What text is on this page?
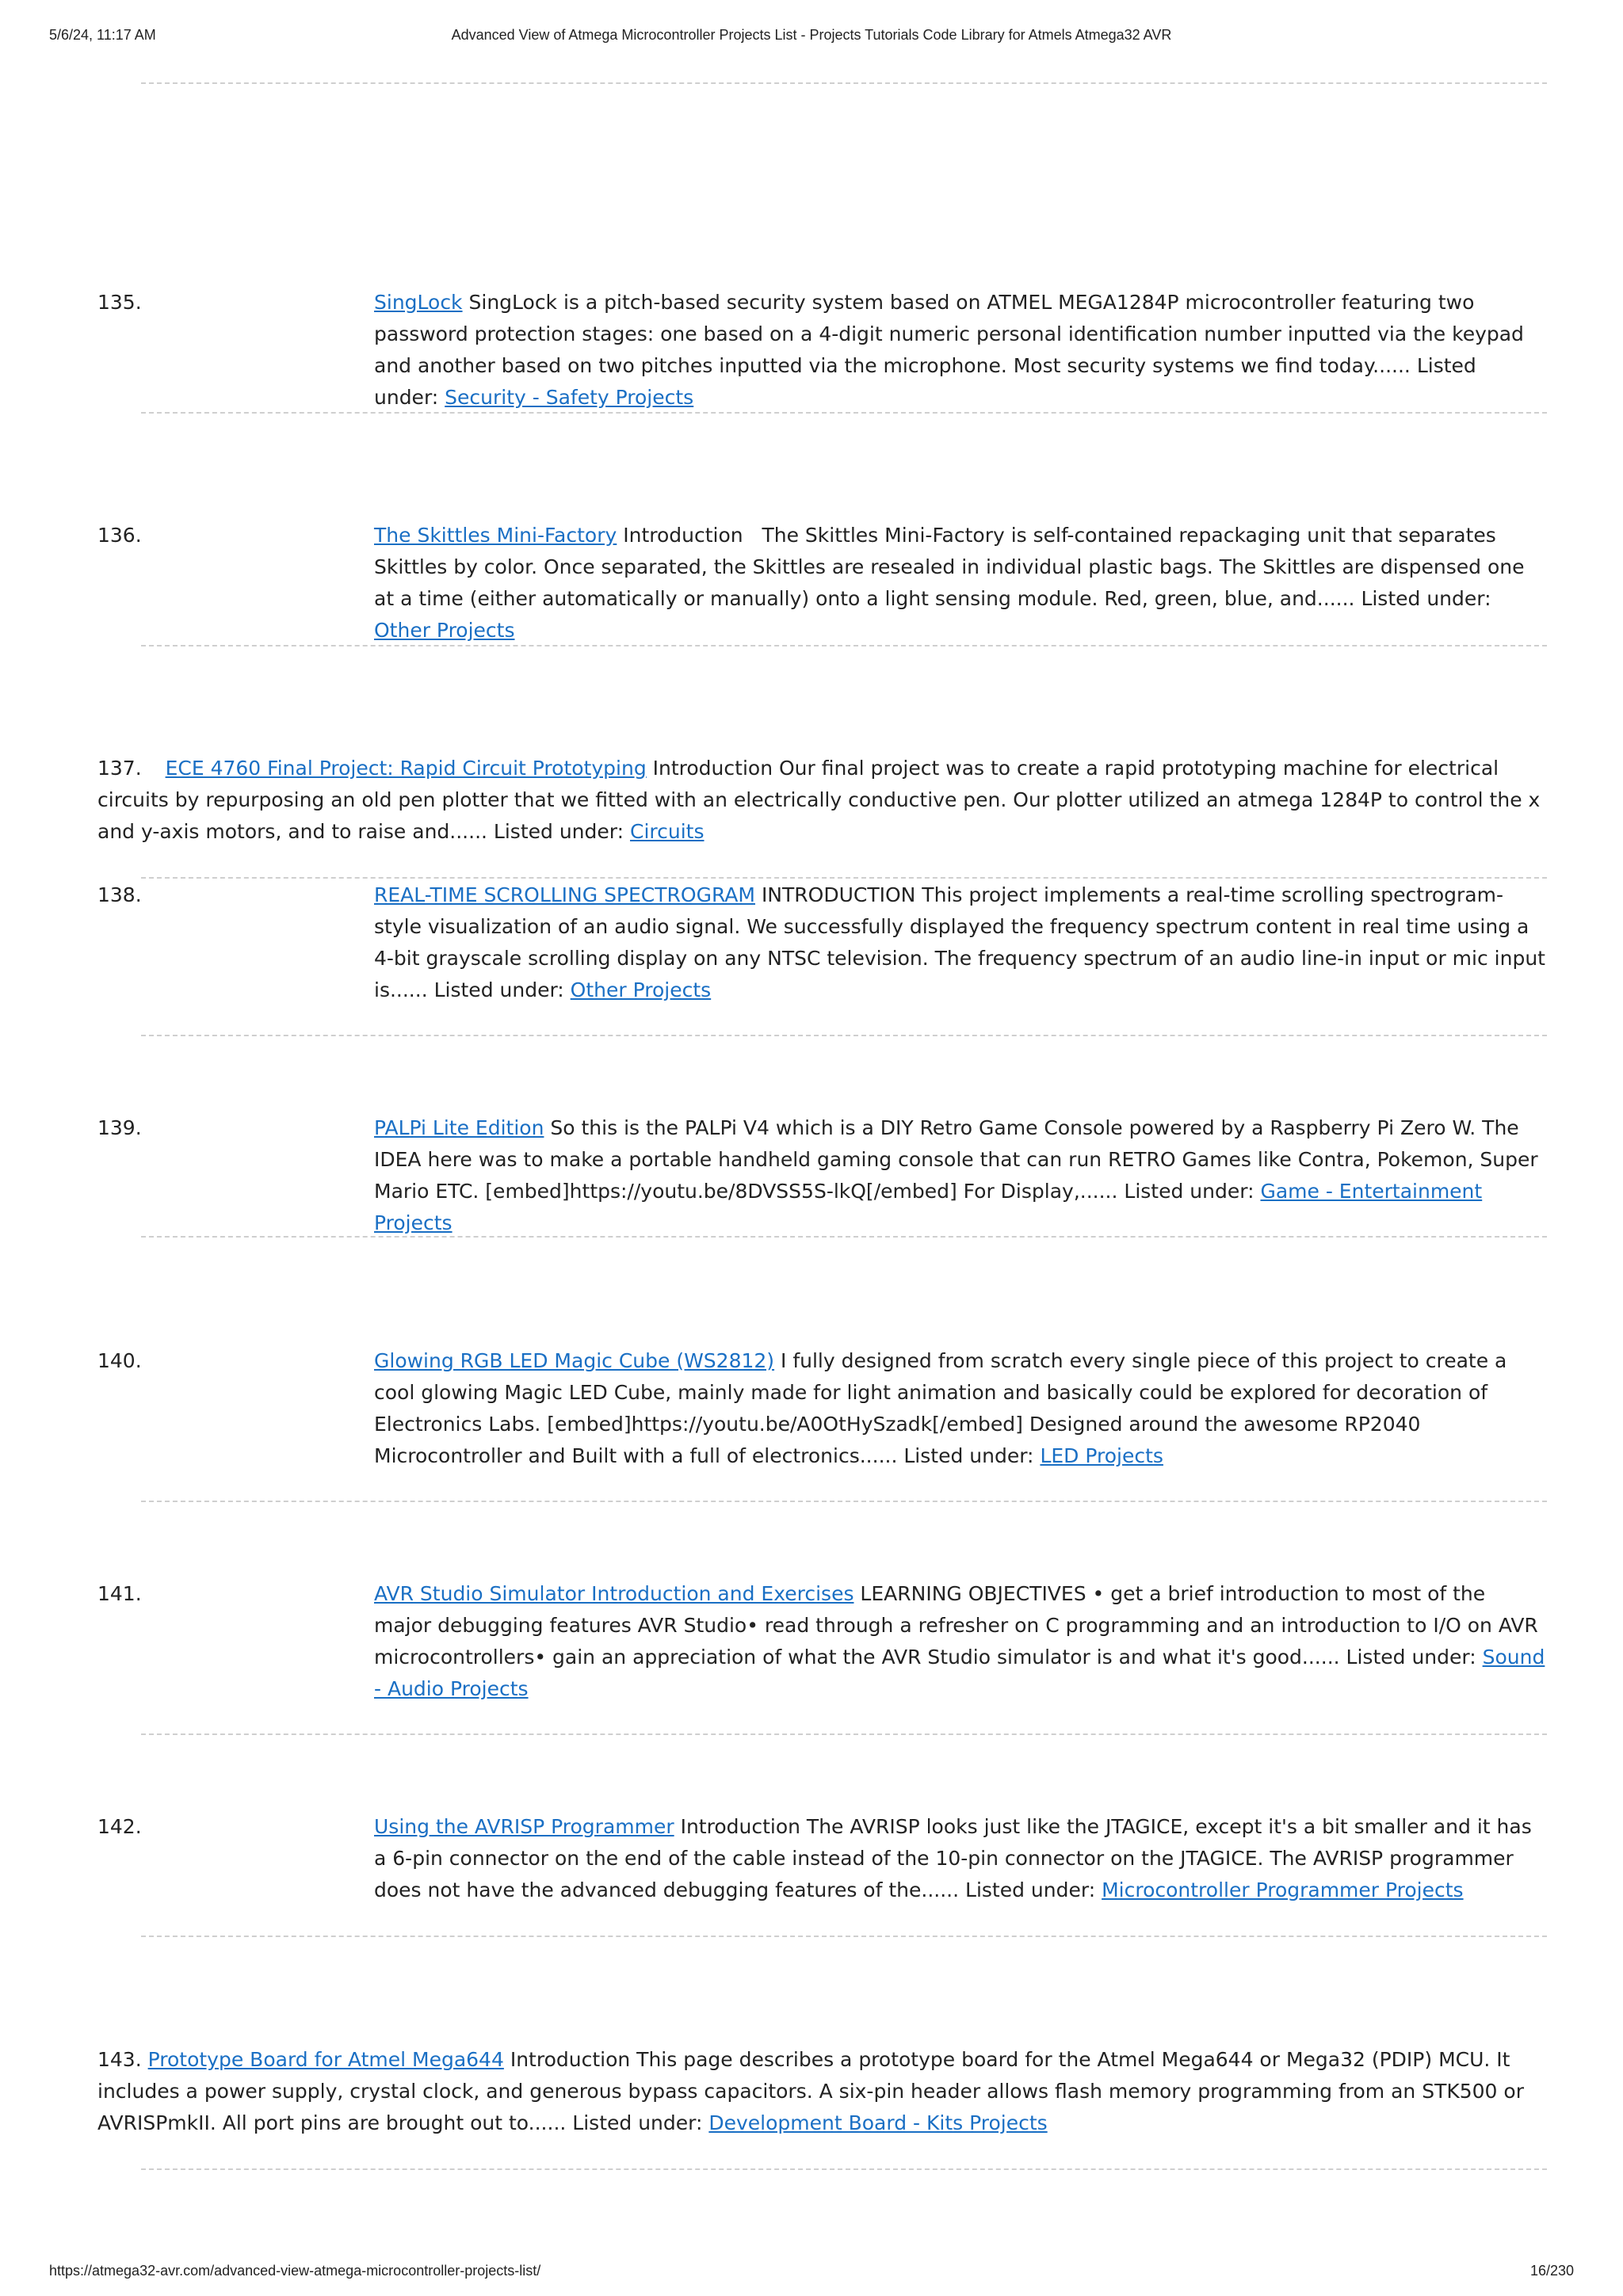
5/6/24, 11:17 AM	Advanced View of Atmega Microcontroller Projects List - Projects Tutorials Code Library for Atmels Atmega32 AVR
135.	SingLock SingLock is a pitch-based security system based on ATMEL MEGA1284P microcontroller featuring two password protection stages: one based on a 4-digit numeric personal identification number inputted via the keypad and another based on two pitches inputted via the microphone. Most security systems we find today...... Listed under: Security - Safety Projects
136.	The Skittles Mini-Factory Introduction   The Skittles Mini-Factory is self-contained repackaging unit that separates Skittles by color. Once separated, the Skittles are resealed in individual plastic bags. The Skittles are dispensed one at a time (either automatically or manually) onto a light sensing module. Red, green, blue, and...... Listed under: Other Projects
137. ECE 4760 Final Project: Rapid Circuit Prototyping Introduction Our final project was to create a rapid prototyping machine for electrical circuits by repurposing an old pen plotter that we fitted with an electrically conductive pen. Our plotter utilized an atmega 1284P to control the x and y-axis motors, and to raise and...... Listed under: Circuits
138.	REAL-TIME SCROLLING SPECTROGRAM INTRODUCTION This project implements a real-time scrolling spectrogram-style visualization of an audio signal. We successfully displayed the frequency spectrum content in real time using a 4-bit grayscale scrolling display on any NTSC television. The frequency spectrum of an audio line-in input or mic input is...... Listed under: Other Projects
139.	PALPi Lite Edition So this is the PALPi V4 which is a DIY Retro Game Console powered by a Raspberry Pi Zero W. The IDEA here was to make a portable handheld gaming console that can run RETRO Games like Contra, Pokemon, Super Mario ETC. [embed]https://youtu.be/8DVSS5S-lkQ[/embed] For Display,...... Listed under: Game - Entertainment Projects
140.	Glowing RGB LED Magic Cube (WS2812) I fully designed from scratch every single piece of this project to create a cool glowing Magic LED Cube, mainly made for light animation and basically could be explored for decoration of Electronics Labs. [embed]https://youtu.be/A0OtHySzadk[/embed] Designed around the awesome RP2040 Microcontroller and Built with a full of electronics...... Listed under: LED Projects
141.	AVR Studio Simulator Introduction and Exercises LEARNING OBJECTIVES • get a brief introduction to most of the major debugging features AVR Studio• read through a refresher on C programming and an introduction to I/O on AVR microcontrollers• gain an appreciation of what the AVR Studio simulator is and what it's good...... Listed under: Sound - Audio Projects
142.	Using the AVRISP Programmer Introduction The AVRISP looks just like the JTAGICE, except it's a bit smaller and it has a 6-pin connector on the end of the cable instead of the 10-pin connector on the JTAGICE. The AVRISP programmer does not have the advanced debugging features of the...... Listed under: Microcontroller Programmer Projects
143. Prototype Board for Atmel Mega644 Introduction This page describes a prototype board for the Atmel Mega644 or Mega32 (PDIP) MCU. It includes a power supply, crystal clock, and generous bypass capacitors. A six-pin header allows flash memory programming from an STK500 or AVRISPmkII. All port pins are brought out to...... Listed under: Development Board - Kits Projects
https://atmega32-avr.com/advanced-view-atmega-microcontroller-projects-list/	16/230
